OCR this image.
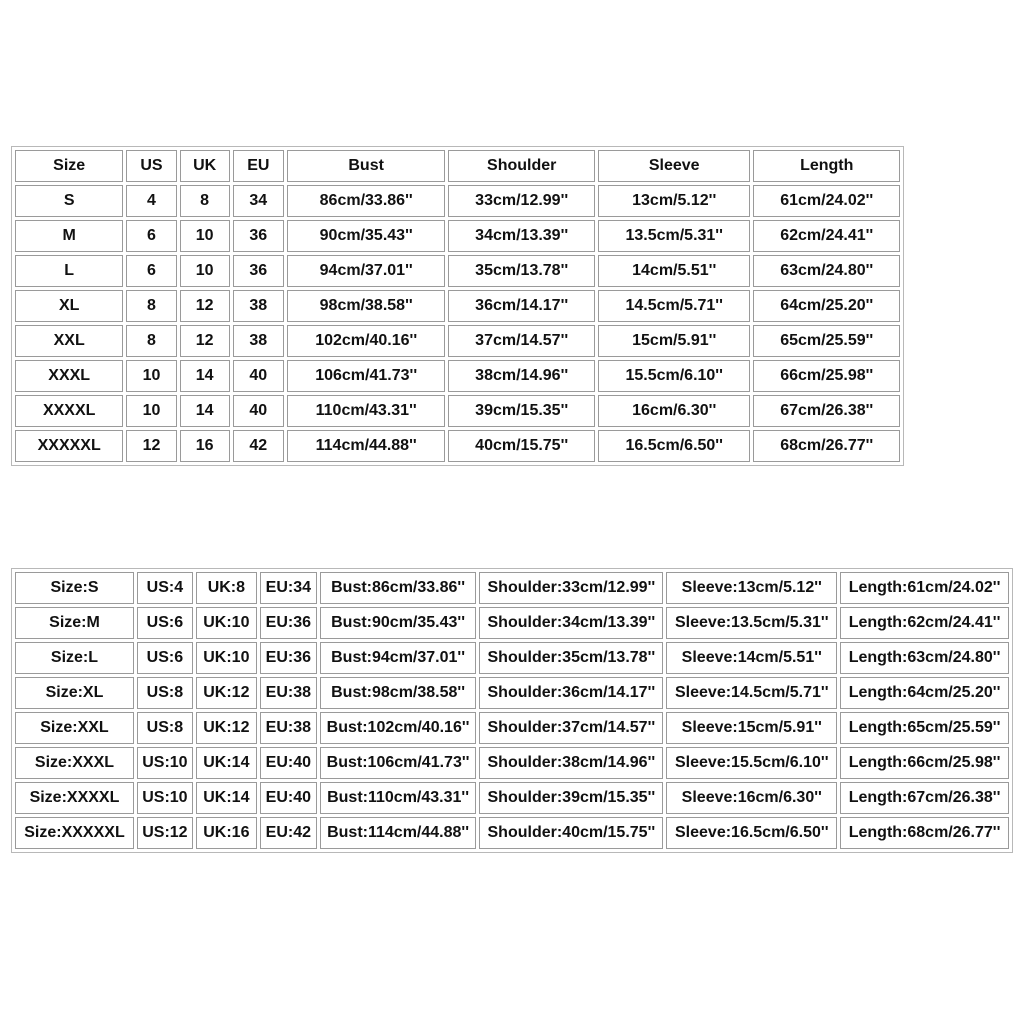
Size	US	UK	EU	Bust	Shoulder	Sleeve	Length
S	4	8	34	86cm/33.86''	33cm/12.99''	13cm/5.12''	61cm/24.02''
M	6	10	36	90cm/35.43''	34cm/13.39''	13.5cm/5.31''	62cm/24.41''
L	6	10	36	94cm/37.01''	35cm/13.78''	14cm/5.51''	63cm/24.80''
XL	8	12	38	98cm/38.58''	36cm/14.17''	14.5cm/5.71''	64cm/25.20''
XXL	8	12	38	102cm/40.16''	37cm/14.57''	15cm/5.91''	65cm/25.59''
XXXL	10	14	40	106cm/41.73''	38cm/14.96''	15.5cm/6.10''	66cm/25.98''
XXXXL	10	14	40	110cm/43.31''	39cm/15.35''	16cm/6.30''	67cm/26.38''
XXXXXL	12	16	42	114cm/44.88''	40cm/15.75''	16.5cm/6.50''	68cm/26.77''
Size:S	US:4	UK:8	EU:34	Bust:86cm/33.86''	Shoulder:33cm/12.99''	Sleeve:13cm/5.12''	Length:61cm/24.02''
Size:M	US:6	UK:10	EU:36	Bust:90cm/35.43''	Shoulder:34cm/13.39''	Sleeve:13.5cm/5.31''	Length:62cm/24.41''
Size:L	US:6	UK:10	EU:36	Bust:94cm/37.01''	Shoulder:35cm/13.78''	Sleeve:14cm/5.51''	Length:63cm/24.80''
Size:XL	US:8	UK:12	EU:38	Bust:98cm/38.58''	Shoulder:36cm/14.17''	Sleeve:14.5cm/5.71''	Length:64cm/25.20''
Size:XXL	US:8	UK:12	EU:38	Bust:102cm/40.16''	Shoulder:37cm/14.57''	Sleeve:15cm/5.91''	Length:65cm/25.59''
Size:XXXL	US:10	UK:14	EU:40	Bust:106cm/41.73''	Shoulder:38cm/14.96''	Sleeve:15.5cm/6.10''	Length:66cm/25.98''
Size:XXXXL	US:10	UK:14	EU:40	Bust:110cm/43.31''	Shoulder:39cm/15.35''	Sleeve:16cm/6.30''	Length:67cm/26.38''
Size:XXXXXL	US:12	UK:16	EU:42	Bust:114cm/44.88''	Shoulder:40cm/15.75''	Sleeve:16.5cm/6.50''	Length:68cm/26.77''
